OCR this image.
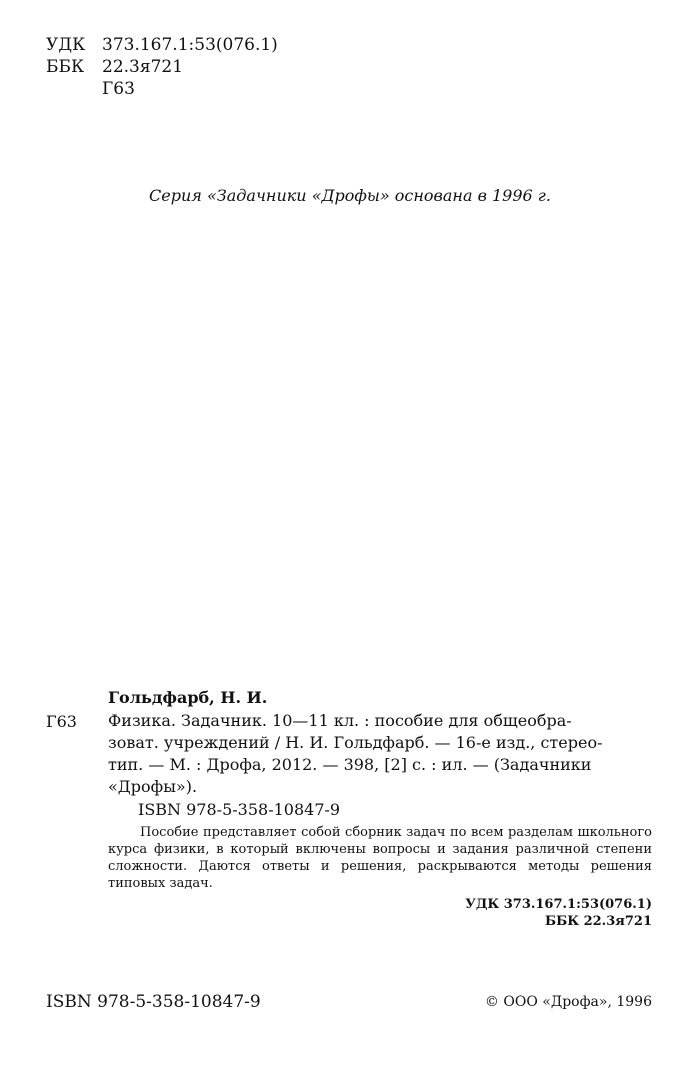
УДК 373.167.1:53(076.1)
ББК 22.3я721
Г63

Серия «Задачники «Дрофы» основана в 1996 г.

Гольдфарб, Н. И.
Г63 Физика. Задачник. 10—11 кл. : пособие для общеобра-
зоват. учреждений / Н. И. Гольдфарб. — 16-е изд., стерео-
тип. — М. : Дрофа, 2012. — 398, [2] с. : ил. — (Задачники
«Дрофы»).
ISBN 978-5-358-10847-9

Пособие представляет собой сборник задач по всем разделам школьного курса физики, в который включены вопросы и задания различной степени сложности. Даются ответы и решения, раскрываются методы решения типовых задач.

УДК 373.167.1:53(076.1)
ББК 22.3я721
ISBN 978-5-358-10847-9	© ООО «Дрофа», 1996
